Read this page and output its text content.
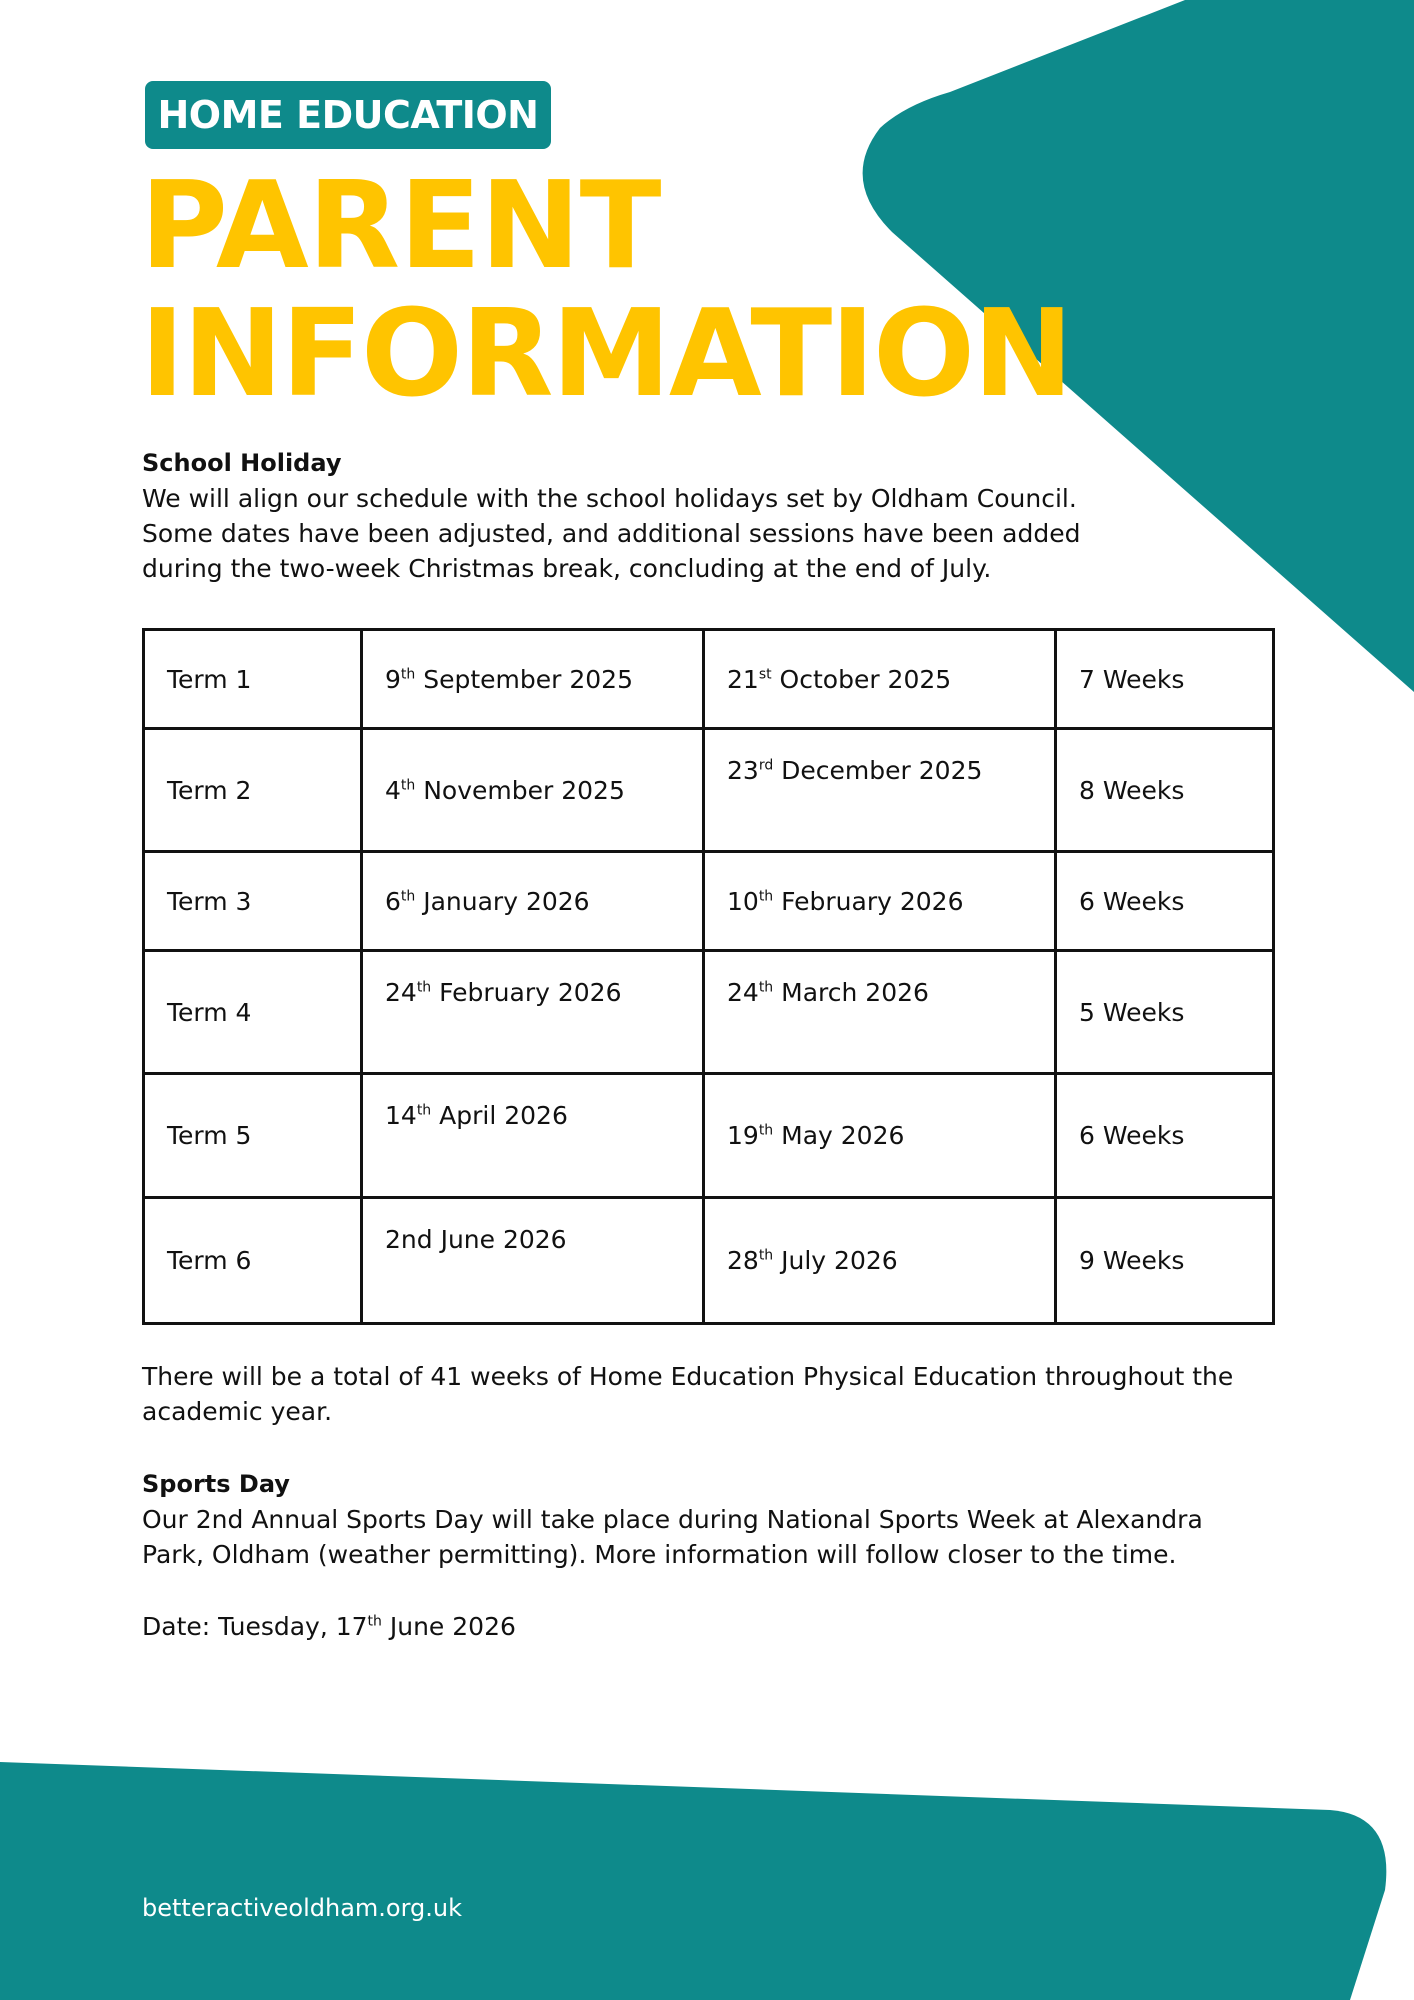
HOME EDUCATION
PARENT
INFORMATION
School Holiday
We will align our schedule with the school holidays set by Oldham Council.
Some dates have been adjusted, and additional sessions have been added
during the two-week Christmas break, concluding at the end of July.
Term 1	9th September 2025	21st October 2025	7 Weeks
Term 2	4th November 2025	23rd December 2025	8 Weeks
Term 3	6th January 2026	10th February 2026	6 Weeks
Term 4	24th February 2026	24th March 2026	5 Weeks
Term 5	14th April 2026	19th May 2026	6 Weeks
Term 6	2nd June 2026	28th July 2026	9 Weeks
There will be a total of 41 weeks of Home Education Physical Education throughout the
academic year.
Sports Day
Our 2nd Annual Sports Day will take place during National Sports Week at Alexandra
Park, Oldham (weather permitting). More information will follow closer to the time.
Date: Tuesday, 17th June 2026
betteractiveoldham.org.uk
